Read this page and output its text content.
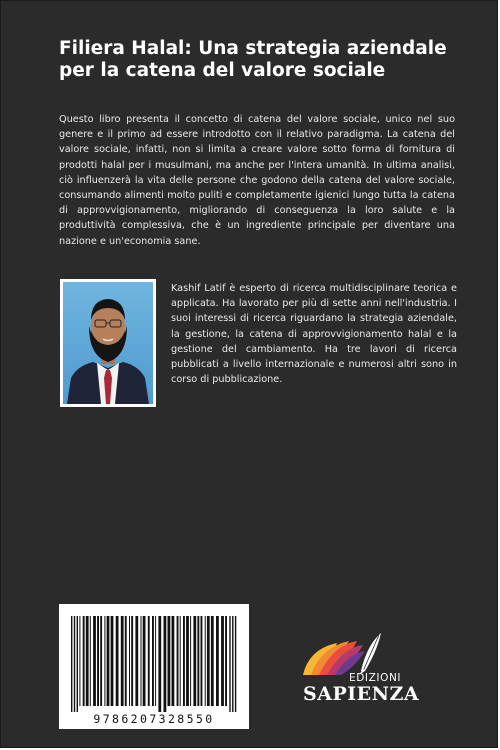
Filiera Halal: Una strategia aziendale per la catena del valore sociale
Questo libro presenta il concetto di catena del valore sociale, unico nel suo genere e il primo ad essere introdotto con il relativo paradigma. La catena del valore sociale, infatti, non si limita a creare valore sotto forma di fornitura di prodotti halal per i musulmani, ma anche per l'intera umanità. In ultima analisi, ciò influenzerà la vita delle persone che godono della catena del valore sociale, consumando alimenti molto puliti e completamente igienici lungo tutta la catena di approvvigionamento, migliorando di conseguenza la loro salute e la produttività complessiva, che è un ingrediente principale per diventare una nazione e un'economia sane.
Kashif Latif è esperto di ricerca multidisciplinare teorica e applicata. Ha lavorato per più di sette anni nell'industria. I suoi interessi di ricerca riguardano la strategia aziendale, la gestione, la catena di approvvigionamento halal e la gestione del cambiamento. Ha tre lavori di ricerca pubblicati a livello internazionale e numerosi altri sono in corso di pubblicazione.
9786207328550
EDIZIONI
SAPIENZA
